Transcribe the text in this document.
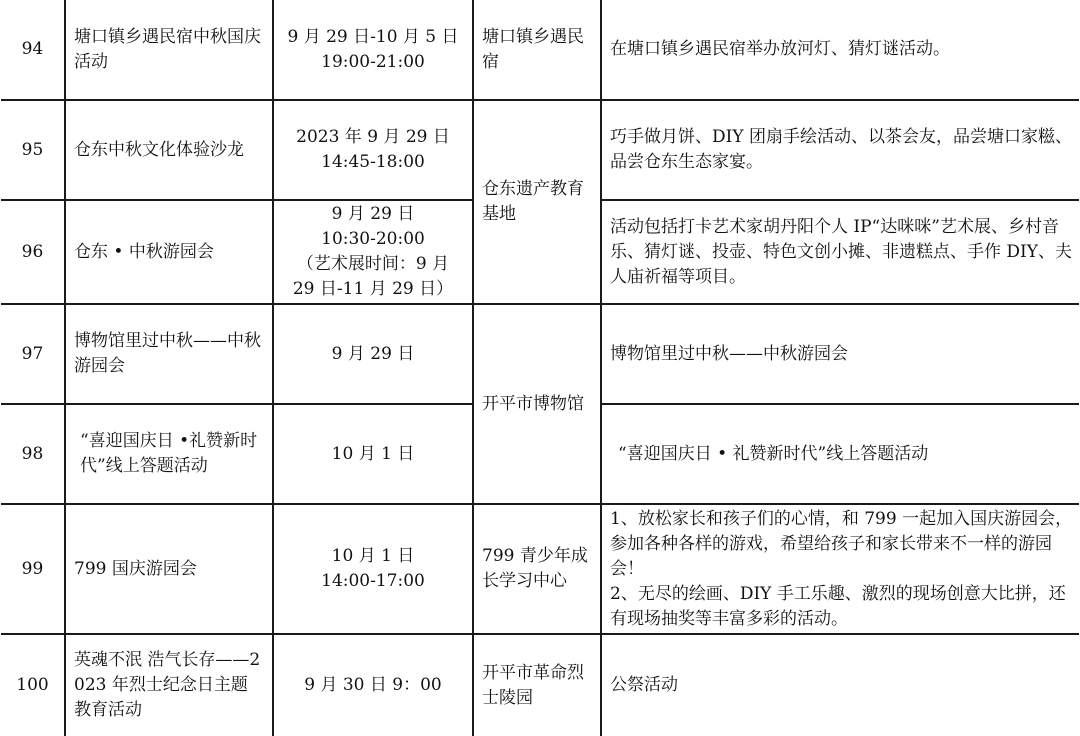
94	塘口镇乡遇民宿中秋国庆活动	9 月 29 日-10 月 5 日
19:00-21:00	塘口镇乡遇民宿	在塘口镇乡遇民宿举办放河灯、猜灯谜活动。
95	仓东中秋文化体验沙龙	2023 年 9 月 29 日
14:45-18:00	仓东遗产教育基地	巧手做月饼、DIY 团扇手绘活动、以茶会友，品尝塘口家糍、品尝仓东生态家宴。
96	仓东 • 中秋游园会	9 月 29 日
10:30-20:00
（艺术展时间：9 月
29 日-11 月 29 日）		活动包括打卡艺术家胡丹阳个人 IP“达咪咪”艺术展、乡村音乐、猜灯谜、投壶、特色文创小摊、非遗糕点、手作 DIY、夫人庙祈福等项目。
97	博物馆里过中秋——中秋游园会	9 月 29 日	开平市博物馆	博物馆里过中秋——中秋游园会
98	“喜迎国庆日 •礼赞新时代”线上答题活动	10 月 1 日		“喜迎国庆日 • 礼赞新时代”线上答题活动
99	799 国庆游园会	10 月 1 日
14:00-17:00	799 青少年成长学习中心	1、放松家长和孩子们的心情，和 799 一起加入国庆游园会，参加各种各样的游戏，希望给孩子和家长带来不一样的游园会！
2、无尽的绘画、DIY 手工乐趣、激烈的现场创意大比拼，还有现场抽奖等丰富多彩的活动。

100	英魂不泯 浩气长存——2023 年烈士纪念日主题教育活动	9 月 30 日 9：00	开平市革命烈士陵园	公祭活动
